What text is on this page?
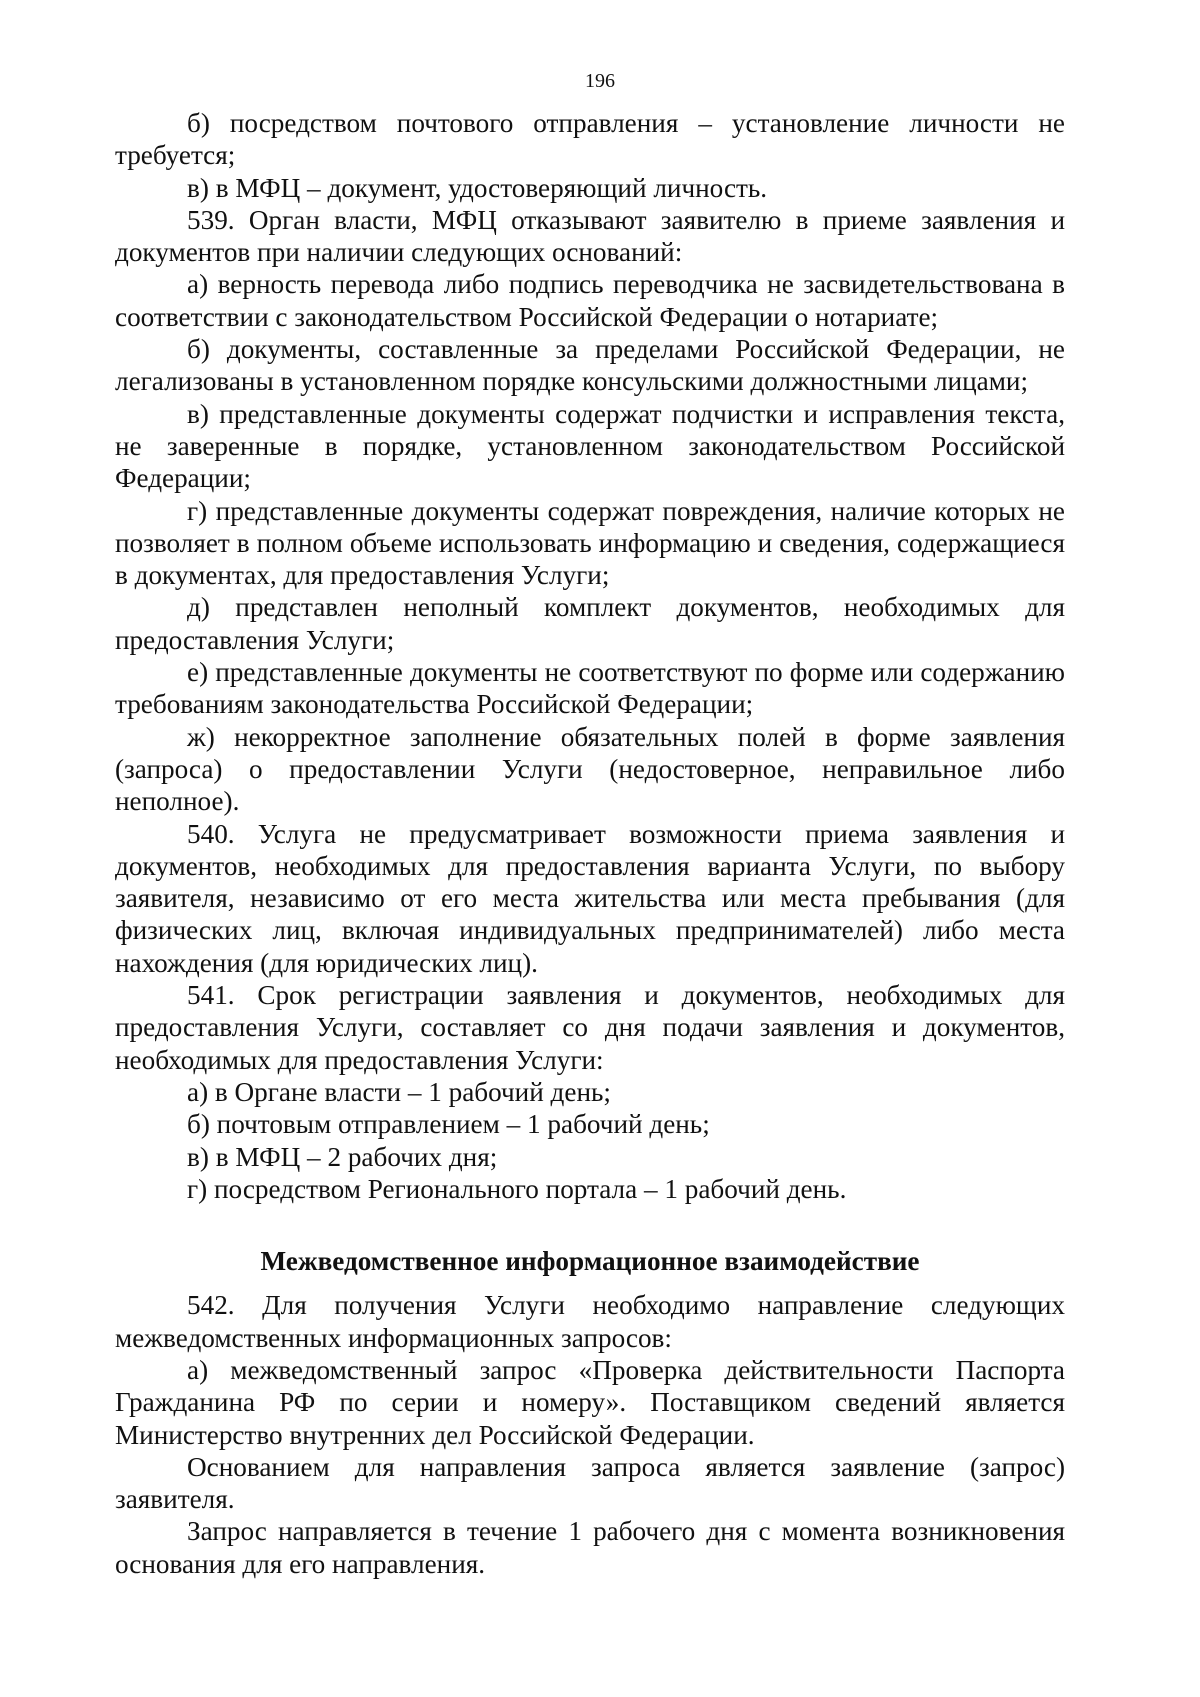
196

б) посредством почтового отправления – установление личности не требуется;

в) в МФЦ – документ, удостоверяющий личность.

539. Орган власти, МФЦ отказывают заявителю в приеме заявления и документов при наличии следующих оснований:

а) верность перевода либо подпись переводчика не засвидетельствована в соответствии с законодательством Российской Федерации о нотариате;

б) документы, составленные за пределами Российской Федерации, не легализованы в установленном порядке консульскими должностными лицами;

в) представленные документы содержат подчистки и исправления текста, не заверенные в порядке, установленном законодательством Российской Федерации;

г) представленные документы содержат повреждения, наличие которых не позволяет в полном объеме использовать информацию и сведения, содержащиеся в документах, для предоставления Услуги;

д) представлен неполный комплект документов, необходимых для предоставления Услуги;

е) представленные документы не соответствуют по форме или содержанию требованиям законодательства Российской Федерации;

ж) некорректное заполнение обязательных полей в форме заявления (запроса) о предоставлении Услуги (недостоверное, неправильное либо неполное).

540. Услуга не предусматривает возможности приема заявления и документов, необходимых для предоставления варианта Услуги, по выбору заявителя, независимо от его места жительства или места пребывания (для физических лиц, включая индивидуальных предпринимателей) либо места нахождения (для юридических лиц).

541. Срок регистрации заявления и документов, необходимых для предоставления Услуги, составляет со дня подачи заявления и документов, необходимых для предоставления Услуги:

а) в Органе власти – 1 рабочий день;

б) почтовым отправлением – 1 рабочий день;

в) в МФЦ – 2 рабочих дня;

г) посредством Регионального портала – 1 рабочий день.

Межведомственное информационное взаимодействие

542. Для получения Услуги необходимо направление следующих межведомственных информационных запросов:

а) межведомственный запрос «Проверка действительности Паспорта Гражданина РФ по серии и номеру». Поставщиком сведений является Министерство внутренних дел Российской Федерации.

Основанием для направления запроса является заявление (запрос) заявителя.

Запрос направляется в течение 1 рабочего дня с момента возникновения основания для его направления.
